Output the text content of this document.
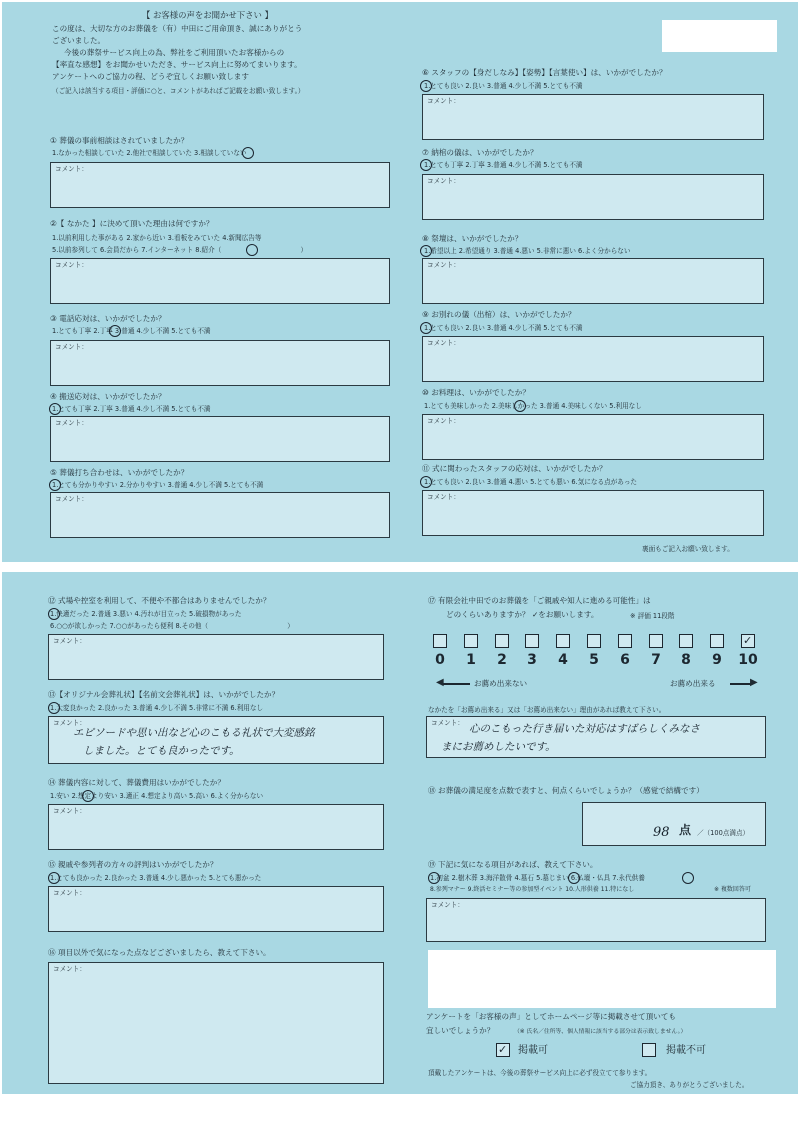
【 お客様の声をお聞かせ下さい 】
この度は、大切な方のお葬儀を（有）中田にご用命頂き、誠にありがとう
ございました。
今後の葬祭サービス向上の為、弊社をご利用頂いたお客様からの
【率直な感想】をお聞かせいただき、サービス向上に努めてまいります。
アンケートへのご協力の程、どうぞ宜しくお願い致します
（ご記入は該当する項目・評価に○と、コメントがあればご記載をお願い致します。）
① 葬儀の事前相談はされていましたか？
1.なかった相談していた 2.他社で相談していた 3.相談していない
コメント：
②【 なかた 】に決めて頂いた理由は何ですか？
1.以前利用した事がある 2.家から近い 3.看板をみていた 4.新聞広告等
5.以前参列して 6.会員だから 7.インターネット 8.紹介（　　　　　　　　　　　　）
コメント：
③ 電話応対は、いかがでしたか？
1.とても丁寧 2.丁寧 3.普通 4.少し不満 5.とても不満
コメント：
④ 搬送応対は、いかがでしたか？
1.とても丁寧 2.丁寧 3.普通 4.少し不満 5.とても不満
コメント：
⑤ 葬儀打ち合わせは、いかがでしたか？
1.とても分かりやすい 2.分かりやすい 3.普通 4.少し不満 5.とても不満
コメント：
⑥ スタッフの【身だしなみ】【姿勢】【言葉使い】は、いかがでしたか？
1.とても良い 2.良い 3.普通 4.少し不満 5.とても不満
コメント：
⑦ 納棺の儀は、いかがでしたか？
1.とても丁寧 2.丁寧 3.普通 4.少し不満 5.とても不満
コメント：
⑧ 祭壇は、いかがでしたか？
1.希望以上 2.希望通り 3.普通 4.悪い 5.非常に悪い 6.よく分からない
コメント：
⑨ お別れの儀（出棺）は、いかがでしたか？
1.とても良い 2.良い 3.普通 4.少し不満 5.とても不満
コメント：
⑩ お料理は、いかがでしたか？
1.とても美味しかった 2.美味しかった 3.普通 4.美味しくない 5.利用なし
コメント：
⑪ 式に関わったスタッフの応対は、いかがでしたか？
1.とても良い 2.良い 3.普通 4.悪い 5.とても悪い 6.気になる点があった
コメント：
裏面もご記入お願い致します。
⑫ 式場や控室を利用して、不便や不都合はありませんでしたか？
1.快適だった 2.普通 3.悪い 4.汚れが目立った 5.破損物があった
6.○○が欲しかった 7.○○があったら便利 8.その他（　　　　　　　　　　　　）
コメント：
⑬【オリジナル会葬礼状】【名前文会葬礼状】は、いかがでしたか？
1.大変良かった 2.良かった 3.普通 4.少し不満 5.非常に不満 6.利用なし
コメント：
エピソードや思い出など心のこもる礼状で大変感銘
しました。とても良かったです。
⑭ 葬儀内容に対して、葬儀費用はいかがでしたか？
1.安い 2.想定より安い 3.適正 4.想定より高い 5.高い 6.よく分からない
コメント：
⑮ 親戚や参列者の方々の評判はいかがでしたか？
1.とても良かった 2.良かった 3.普通 4.少し悪かった 5.とても悪かった
コメント：
⑯ 項目以外で気になった点などございましたら、教えて下さい。
コメント：
⑰ 有限会社中田でのお葬儀を「ご親戚や知人に進める可能性」は
どのくらいありますか？ ✓をお願いします。	※ 評価 11段階
0	1	2	3	4	5	6	7	8	9
✓
10
◀	お薦め出来ない	お薦め出来る	▶
なかたを「お薦め出来る」又は「お薦め出来ない」理由があれば教えて下さい。
コメント： 心のこもった行き届いた対応はすばらしくみなさ
まにお薦めしたいです。
⑱ お葬儀の満足度を点数で表すと、何点くらいでしょうか？（感覚で結構です）
98 点 ／（100点満点）
⑲ 下記に気になる項目があれば、教えて下さい。
1.初盆 2.樹木葬 3.海洋散骨 4.墓石 5.墓じまい 6.仏壇・仏具 7.永代供養
8.参列マナー 9.終活セミナー等の参加型イベント 10.人形供養 11.特になし	※ 複数回答可
コメント：
アンケートを「お客様の声」としてホームページ等に掲載させて頂いても
宜しいでしょうか？	（※ 氏名／住所等、個人情報に該当する部分は表示致しません。）
✓ 掲載可	掲載不可
頂戴したアンケートは、今後の葬祭サービス向上に必ず役立てて参ります。
ご協力頂き、ありがとうございました。
